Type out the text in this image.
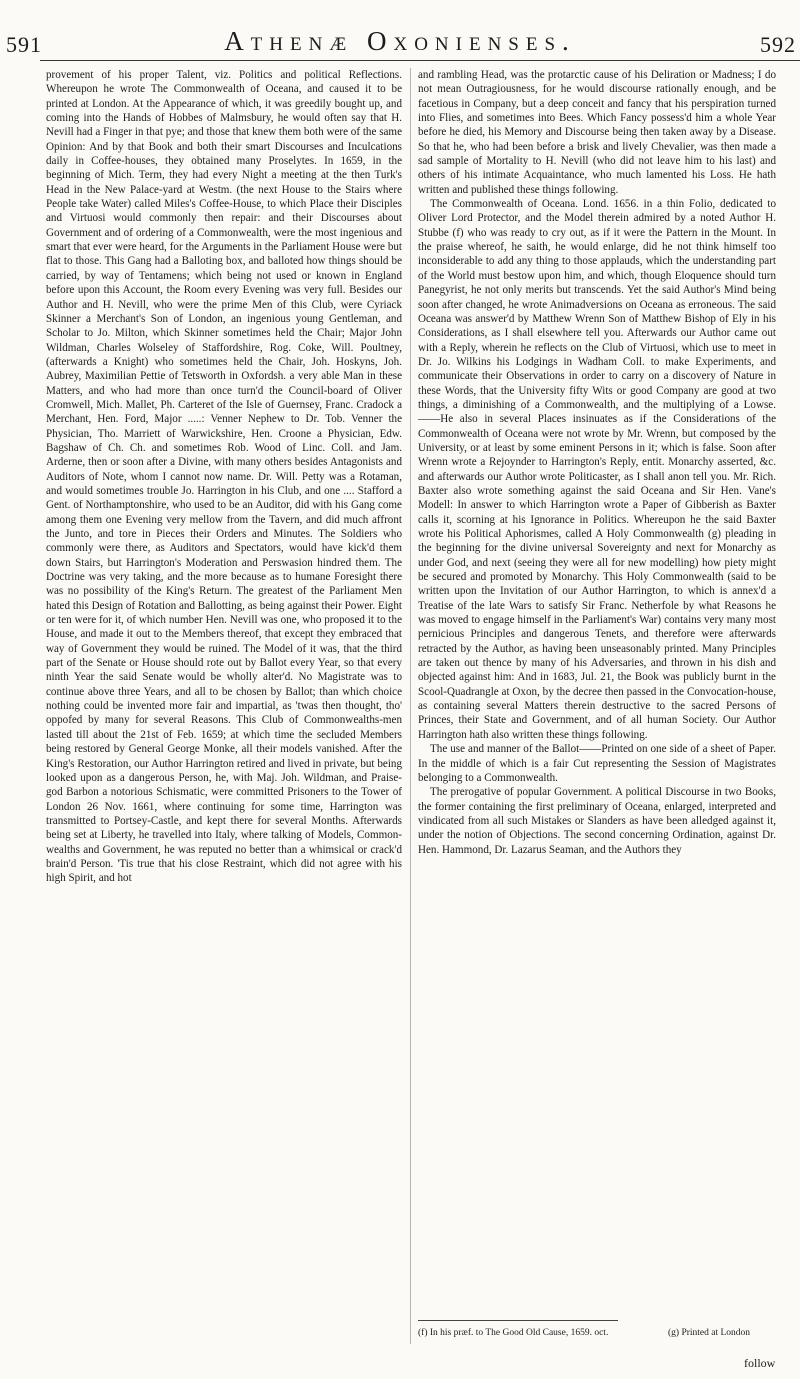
591	Athenæ Oxonienses.	592

provement of his proper Talent, viz. Politics and political Reflections. Whereupon he wrote The Commonwealth of Oceana, and caused it to be printed at London. At the Appearance of which, it was greedily bought up, and coming into the Hands of Hobbes of Malmsbury, he would often say that H. Nevill had a Finger in that pye; and those that knew them both were of the same Opinion: And by that Book and both their smart Discourses and Inculcations daily in Coffee-houses, they obtained many Proselytes. In 1659, in the beginning of Mich. Term, they had every Night a meeting at the then Turk's Head in the New Palace-yard at Westm. (the next House to the Stairs where People take Water) called Miles's Coffee-House, to which Place their Disciples and Virtuosi would commonly then repair: and their Discourses about Government and of ordering of a Commonwealth, were the most ingenious and smart that ever were heard, for the Arguments in the Parliament House were but flat to those. This Gang had a Balloting box, and balloted how things should be carried, by way of Tentamens; which being not used or known in England before upon this Account, the Room every Evening was very full. Besides our Author and H. Nevill, who were the prime Men of this Club, were Cyriack Skinner a Merchant's Son of London, an ingenious young Gentleman, and Scholar to Jo. Milton, which Skinner sometimes held the Chair; Major John Wildman, Charles Wolseley of Staffordshire, Rog. Coke, Will. Poultney, (afterwards a Knight) who sometimes held the Chair, Joh. Hoskyns, Joh. Aubrey, Maximilian Pettie of Tetsworth in Oxfordsh. a very able Man in these Matters, and who had more than once turn'd the Council-board of Oliver Cromwell, Mich. Mallet, Ph. Carteret of the Isle of Guernsey, Franc. Cradock a Merchant, Hen. Ford, Major .....: Venner Nephew to Dr. Tob. Venner the Physician, Tho. Marriett of Warwickshire, Hen. Croone a Physician, Edw. Bagshaw of Ch. Ch. and sometimes Rob. Wood of Linc. Coll. and Jam. Arderne, then or soon after a Divine, with many others besides Antagonists and Auditors of Note, whom I cannot now name. Dr. Will. Petty was a Rotaman, and would sometimes trouble Jo. Harrington in his Club, and one .... Stafford a Gent. of Northamptonshire, who used to be an Auditor, did with his Gang come among them one Evening very mellow from the Tavern, and did much affront the Junto, and tore in Pieces their Orders and Minutes. The Soldiers who commonly were there, as Auditors and Spectators, would have kick'd them down Stairs, but Harrington's Moderation and Perswasion hindred them. The Doctrine was very taking, and the more because as to humane Foresight there was no possibility of the King's Return. The greatest of the Parliament Men hated this Design of Rotation and Ballotting, as being against their Power. Eight or ten were for it, of which number Hen. Nevill was one, who proposed it to the House, and made it out to the Members thereof, that except they embraced that way of Government they would be ruined. The Model of it was, that the third part of the Senate or House should rote out by Ballot every Year, so that every ninth Year the said Senate would be wholly alter'd. No Magistrate was to continue above three Years, and all to be chosen by Ballot; than which choice nothing could be invented more fair and impartial, as 'twas then thought, tho' oppofed by many for several Reasons. This Club of Commonwealths-men lasted till about the 21st of Feb. 1659; at which time the secluded Members being restored by General George Monke, all their models vanished. After the King's Restoration, our Author Harrington retired and lived in private, but being looked upon as a dangerous Person, he, with Maj. Joh. Wildman, and Praise-god Barbon a notorious Schismatic, were committed Prisoners to the Tower of London 26 Nov. 1661, where continuing for some time, Harrington was transmitted to Portsey-Castle, and kept there for several Months. Afterwards being set at Liberty, he travelled into Italy, where talking of Models, Common-wealths and Government, he was reputed no better than a whimsical or crack'd brain'd Person. 'Tis true that his close Restraint, which did not agree with his high Spirit, and hot

and rambling Head, was the protarctic cause of his Deliration or Madness; I do not mean Outragiousness, for he would discourse rationally enough, and be facetious in Company, but a deep conceit and fancy that his perspiration turned into Flies, and sometimes into Bees. Which Fancy possess'd him a whole Year before he died, his Memory and Discourse being then taken away by a Disease. So that he, who had been before a brisk and lively Chevalier, was then made a sad sample of Mortality to H. Nevill (who did not leave him to his last) and others of his intimate Acquaintance, who much lamented his Loss. He hath written and published these things following.

The Commonwealth of Oceana. Lond. 1656. in a thin Folio, dedicated to Oliver Lord Protector, and the Model therein admired by a noted Author H. Stubbe (f) who was ready to cry out, as if it were the Pattern in the Mount. In the praise whereof, he saith, he would enlarge, did he not think himself too inconsiderable to add any thing to those applauds, which the understanding part of the World must bestow upon him, and which, though Eloquence should turn Panegyrist, he not only merits but transcends. Yet the said Author's Mind being soon after changed, he wrote Animadversions on Oceana as erroneous. The said Oceana was answer'd by Matthew Wrenn Son of Matthew Bishop of Ely in his Considerations, as I shall elsewhere tell you. Afterwards our Author came out with a Reply, wherein he reflects on the Club of Virtuosi, which use to meet in Dr. Jo. Wilkins his Lodgings in Wadham Coll. to make Experiments, and communicate their Observations in order to carry on a discovery of Nature in these Words, that the University fifty Wits or good Company are good at two things, a diminishing of a Commonwealth, and the multiplying of a Lowse. ——He also in several Places insinuates as if the Considerations of the Commonwealth of Oceana were not wrote by Mr. Wrenn, but composed by the University, or at least by some eminent Persons in it; which is false. Soon after Wrenn wrote a Rejoynder to Harrington's Reply, entit. Monarchy asserted, &c. and afterwards our Author wrote Politicaster, as I shall anon tell you. Mr. Rich. Baxter also wrote something against the said Oceana and Sir Hen. Vane's Modell: In answer to which Harrington wrote a Paper of Gibberish as Baxter calls it, scorning at his Ignorance in Politics. Whereupon he the said Baxter wrote his Political Aphorismes, called A Holy Commonwealth (g) pleading in the beginning for the divine universal Sovereignty and next for Monarchy as under God, and next (seeing they were all for new modelling) how piety might be secured and promoted by Monarchy. This Holy Commonwealth (said to be written upon the Invitation of our Author Harrington, to which is annex'd a Treatise of the late Wars to satisfy Sir Franc. Netherfole by what Reasons he was moved to engage himself in the Parliament's War) contains very many most pernicious Principles and dangerous Tenets, and therefore were afterwards retracted by the Author, as having been unseasonably printed. Many Principles are taken out thence by many of his Adversaries, and thrown in his dish and objected against him: And in 1683, Jul. 21, the Book was publicly burnt in the Scool-Quadrangle at Oxon, by the decree then passed in the Convocation-house, as containing several Matters therein destructive to the sacred Persons of Princes, their State and Government, and of all human Society. Our Author Harrington hath also written these things following.

The use and manner of the Ballot——Printed on one side of a sheet of Paper. In the middle of which is a fair Cut representing the Session of Magistrates belonging to a Commonwealth.

The prerogative of popular Government. A political Discourse in two Books, the former containing the first preliminary of Oceana, enlarged, interpreted and vindicated from all such Mistakes or Slanders as have been alledged against it, under the notion of Objections. The second concerning Ordination, against Dr. Hen. Hammond, Dr. Lazarus Seaman, and the Authors they

(f) In his præf. to The Good Old Cause, 1659. oct.	(g) Printed at London
follow
